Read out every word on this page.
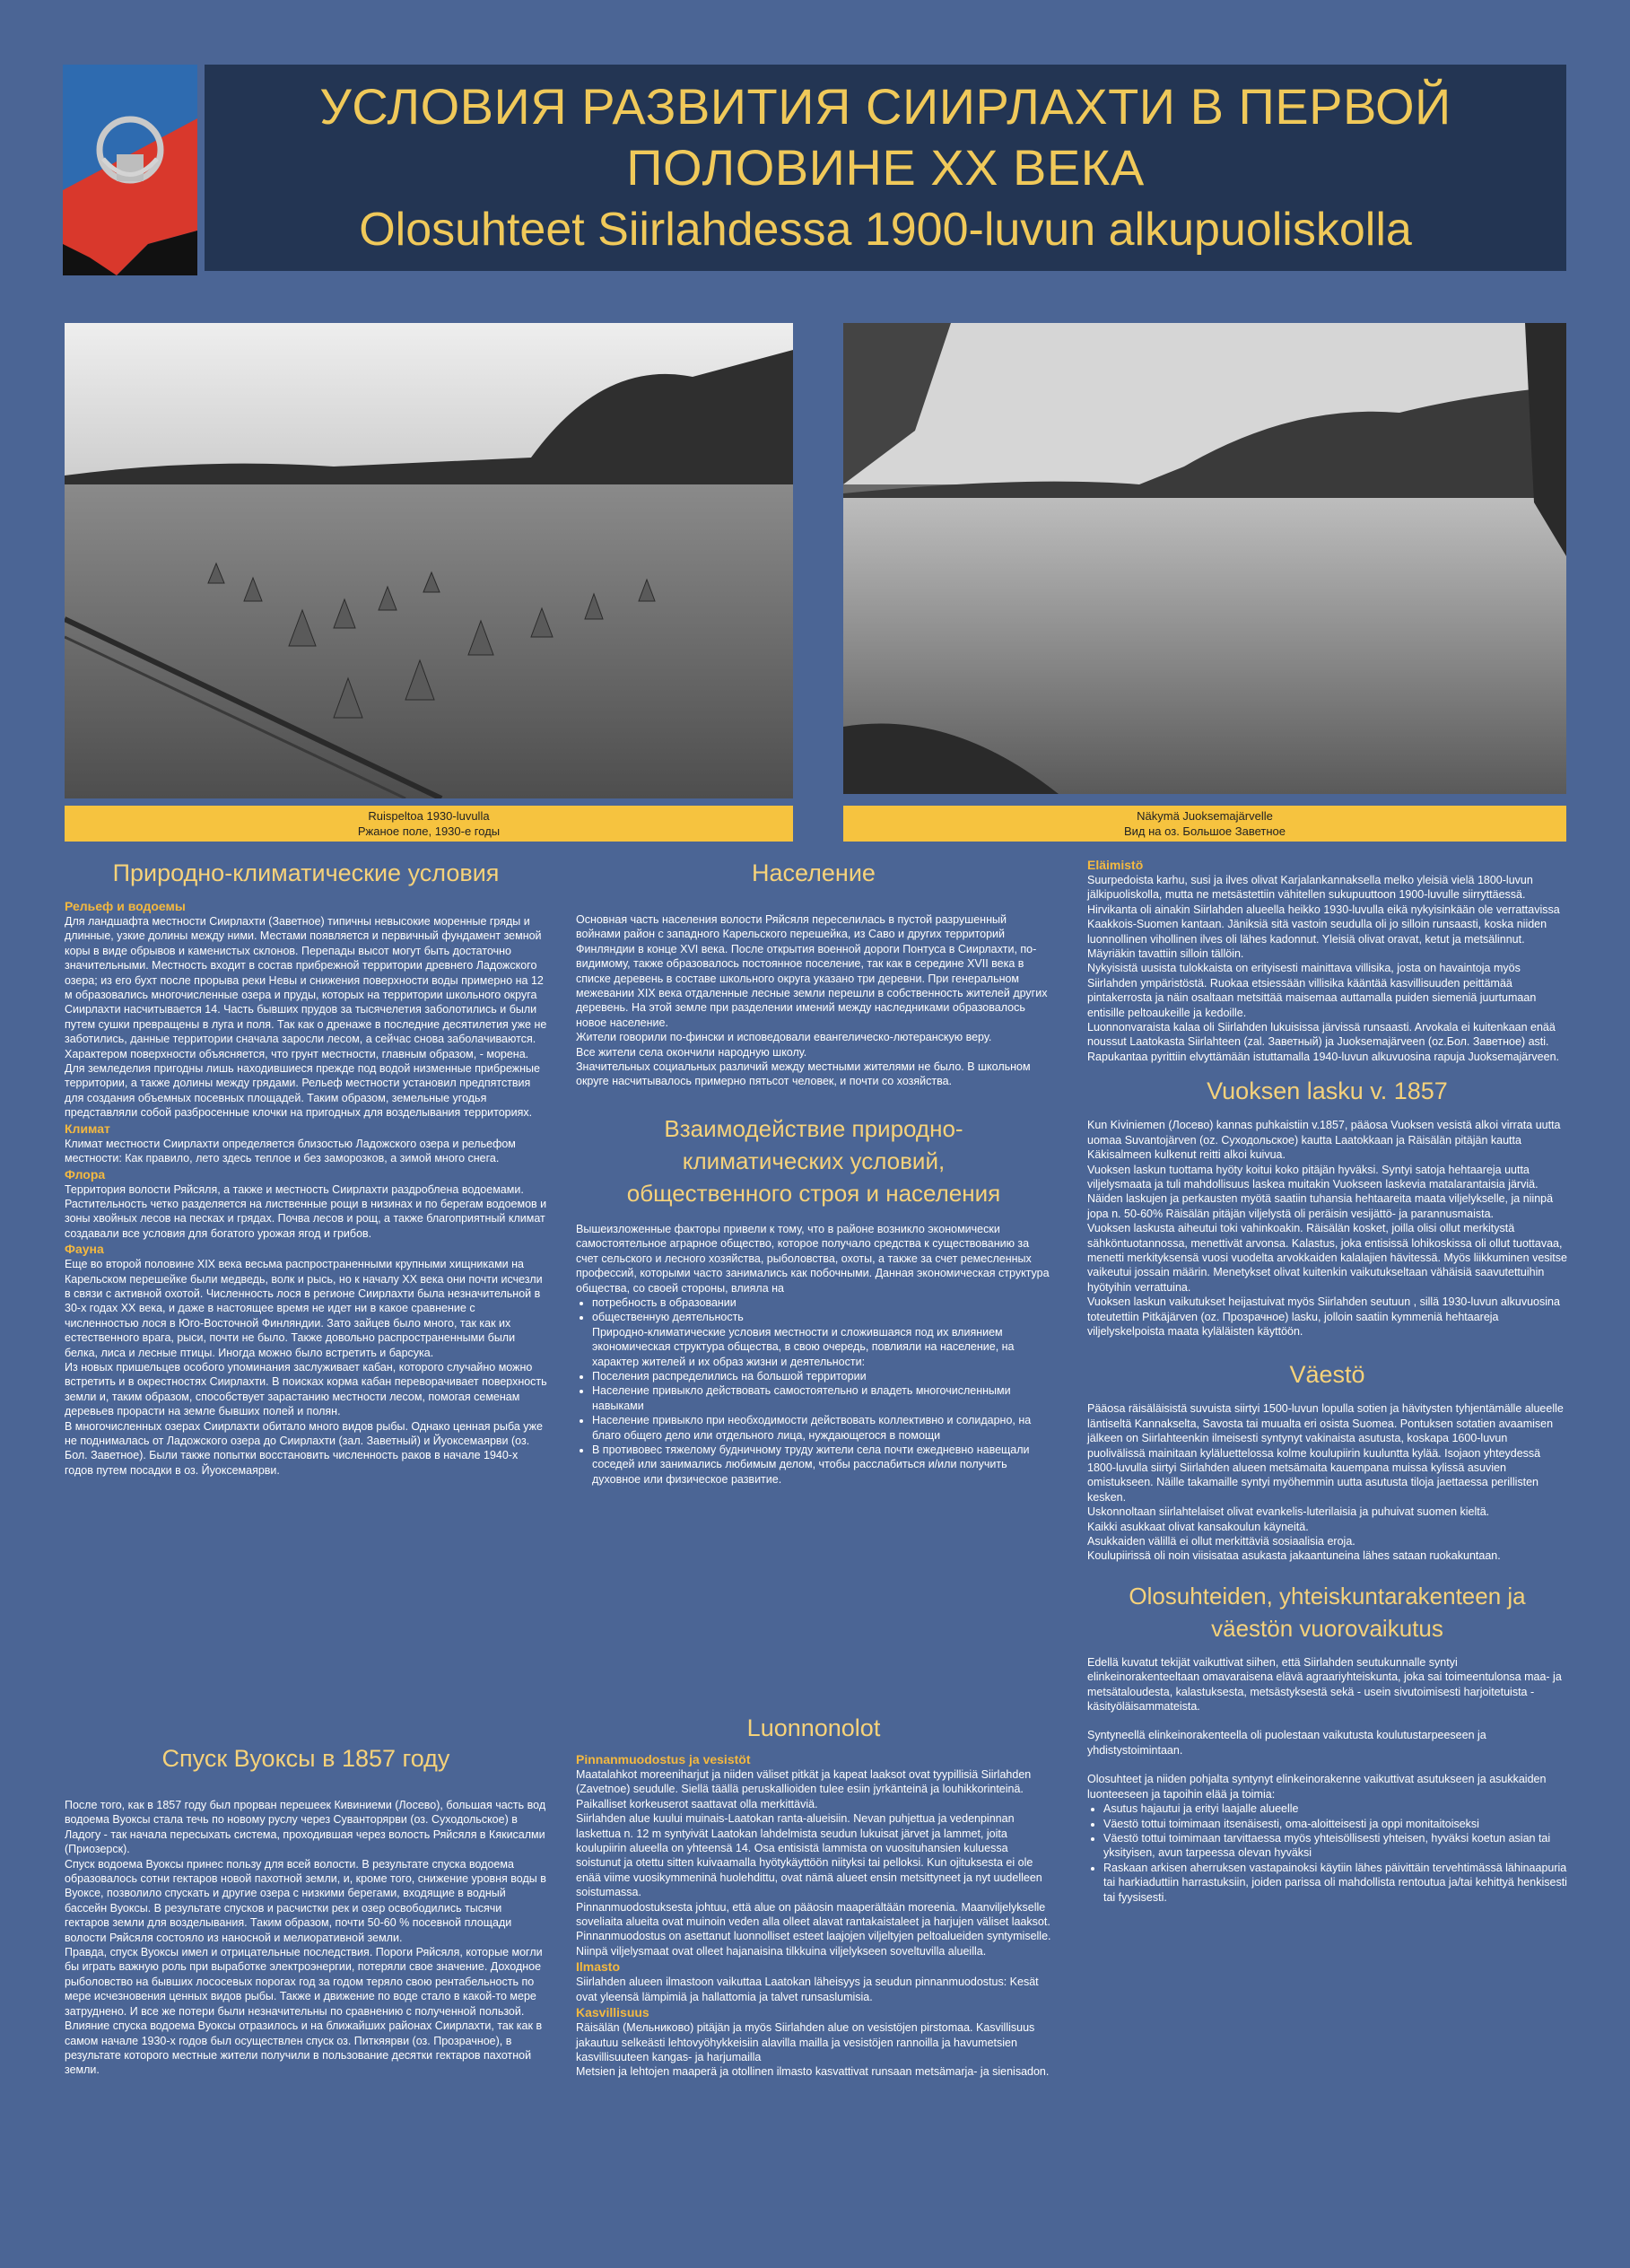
УСЛОВИЯ РАЗВИТИЯ СИИРЛАХТИ В ПЕРВОЙ
ПОЛОВИНЕ XX ВЕКА
Olosuhteet Siirlahdessa 1900-luvun alkupuoliskolla
Ruispeltoa 1930-luvulla
Ржаное поле, 1930-е годы
Näkymä Juoksemajärvelle
Вид на оз. Большое Заветное

Природно-климатические условия

Рельеф и водоемы

Для ландшафта местности Сиирлахти (Заветное) типичны невысокие моренные гряды и длинные, узкие долины между ними. Местами появляется и первичный фундамент земной коры в виде обрывов и каменистых склонов. Перепады высот могут быть достаточно значительными. Местность входит в состав прибрежной территории древнего Ладожского озера; из его бухт после прорыва реки Невы и снижения поверхности воды примерно на 12 м образовались многочисленные озера и пруды, которых на территории школьного округа Сиирлахти насчитывается 14. Часть бывших прудов за тысячелетия заболотились и были путем сушки превращены в луга и поля. Так как о дренаже в последние десятилетия уже не заботились, данные территории сначала заросли лесом, а сейчас снова заболачиваются.

Характером поверхности объясняется, что грунт местности, главным образом, - морена. Для земледелия пригодны лишь находившиеся прежде под водой низменные прибрежные территории, а также долины между грядами. Рельеф местности установил предпятствия для создания объемных посевных площадей. Таким образом, земельные угодья представляли собой разбросенные клочки на пригодных для возделывания территориях.

Климат

Климат местности Сиирлахти определяется близостью Ладожского озера и рельефом местности: Как правило, лето здесь теплое и без заморозков, а зимой много снега.

Флора

Территория волости Ряйсяля, а также и местность Сиирлахти раздроблена водоемами. Растительность четко разделяется на лиственные рощи в низинах и по берегам водоемов и зоны хвойных лесов на песках и грядах. Почва лесов и рощ, а также благоприятный климат создавали все условия для богатого урожая ягод и грибов.

Фауна

Еще во второй половине XIX века весьма распространенными крупными хищниками на Карельском перешейке были медведь, волк и рысь, но к началу XX века они почти исчезли в связи с активной охотой. Численность лося в регионе Сиирлахти была незначительной в 30-х годах XX века, и даже в настоящее время не идет ни в какое сравнение с численностью лося в Юго-Восточной Финляндии. Зато зайцев было много, так как их естественного врага, рыси, почти не было. Также довольно распространенными были белка, лиса и лесные птицы. Иногда можно было встретить и барсука.

Из новых пришельцев особого упоминания заслуживает кабан, которого случайно можно встретить и в окрестностях Сиирлахти. В поисках корма кабан переворачивает поверхность земли и, таким образом, способствует зарастанию местности лесом, помогая семенам деревьев прорасти на земле бывших полей и полян.

В многочисленных озерах Сиирлахти обитало много видов рыбы. Однако ценная рыба уже не поднималась от Ладожского озера до Сиирлахти (зал. Заветный) и Йуоксемаярви (оз. Бол. Заветное). Были также попытки восстановить численность раков в начале 1940-х годов путем посадки в оз. Йуоксемаярви.

Спуск Вуоксы в 1857 году

После того, как в 1857 году был прорван перешеек Кивиниеми (Лосево), большая часть вод водоема Вуоксы стала течь по новому руслу через Суванторярви (оз. Суходольское) в Ладогу - так начала пересыхать система, проходившая через волость Ряйсяля в Кякисалми (Приозерск).

Спуск водоема Вуоксы принес пользу для всей волости. В результате спуска водоема образовалось сотни гектаров новой пахотной земли, и, кроме того, снижение уровня воды в Вуоксе, позволило спускать и другие озера с низкими берегами, входящие в водный бассейн Вуоксы. В результате спусков и расчистки рек и озер освободились тысячи гектаров земли для возделывания. Таким образом, почти 50-60 % посевной площади волости Ряйсяля состояло из наносной и мелиоративной земли.

Правда, спуск Вуоксы имел и отрицательные последствия. Пороги Ряйсяля, которые могли бы играть важную роль при выработке электроэнергии, потеряли свое значение. Доходное рыболовство на бывших лососевых порогах год за годом теряло свою рентабельность по мере исчезновения ценных видов рыбы. Также и движение по воде стало в какой-то мере затруднено. И все же потери были незначительны по сравнению с полученной пользой.

Влияние спуска водоема Вуоксы отразилось и на ближайших районах Сиирлахти, так как в самом начале 1930-х годов был осуществлен спуск оз. Питкяярви (оз. Прозрачное), в результате которого местные жители получили в пользование десятки гектаров пахотной земли.

Население

Основная часть населения волости Ряйсяля переселилась в пустой разрушенный войнами район с западного Карельского перешейка, из Саво и других территорий Финляндии в конце XVI века. После открытия военной дороги Понтуса в Сиирлахти, по-видимому, также образовалось постоянное поселение, так как в середине XVII века в списке деревень в составе школьного округа указано три деревни. При генеральном межевании XIX века отдаленные лесные земли перешли в собственность жителей других деревень. На этой земле при разделении имений между наследниками образовалось новое население.

Жители говорили по-фински и исповедовали евангелическо-лютеранскую веру.

Все жители села окончили народную школу.

Значительных социальных различий между местными жителями не было. В школьном округе насчитывалось примерно пятьсот человек, и почти со хозяйства.

Взаимодействие природно-
климатических условий,
общественного строя и населения

Вышеизложенные факторы привели к тому, что в районе возникло экономически самостоятельное аграрное общество, которое получало средства к существованию за счет сельского и лесного хозяйства, рыболовства, охоты, а также за счет ремесленных профессий, которыми часто занимались как побочными. Данная экономическая структура общества, со своей стороны, влияла на

• потребность в образовании
• общественную деятельность

Природно-климатические условия местности и сложившаяся под их влиянием экономическая структура общества, в свою очередь, повлияли на население, на характер жителей и их образ жизни и деятельности:

• Поселения распределились на большой территории
• Население привыкло действовать самостоятельно и владеть многочисленными навыками
• Население привыкло при необходимости действовать коллективно и солидарно, на благо общего дело или отдельного лица, нуждающегося в помощи
• В противовес тяжелому будничному труду жители села почти ежедневно навещали соседей или занимались любимым делом, чтобы расслабиться и/или получить духовное или физическое развитие.

Luonnonolot

Pinnanmuodostus ja vesistöt

Maatalahkot moreeniharjut ja niiden väliset pitkät ja kapeat laaksot ovat tyypillisiä Siirlahden (Zavetnoe) seudulle. Siellä täällä peruskallioiden tulee esiin jyrkänteinä ja louhikkorinteinä. Paikalliset korkeuserot saattavat olla merkittäviä.

Siirlahden alue kuului muinais-Laatokan ranta-alueisiin. Nevan puhjettua ja vedenpinnan laskettua n. 12 m syntyivät Laatokan lahdelmista seudun lukuisat järvet ja lammet, joita koulupiirin alueella on yhteensä 14. Osa entisistä lammista on vuosituhansien kuluessa soistunut ja otettu sitten kuivaamalla hyötykäyttöön niityksi tai pelloksi. Kun ojituksesta ei ole enää viime vuosikymmeninä huolehdittu, ovat nämä alueet ensin metsittyneet ja nyt uudelleen soistumassa.

Pinnanmuodostuksesta johtuu, että alue on pääosin maaperältään moreenia. Maanviljelykselle soveliaita alueita ovat muinoin veden alla olleet alavat rantakaistaleet ja harjujen väliset laaksot. Pinnanmuodostus on asettanut luonnolliset esteet laajojen viljeltyjen peltoalueiden syntymiselle. Niinpä viljelysmaat ovat olleet hajanaisina tilkkuina viljelykseen soveltuvilla alueilla.

Ilmasto

Siirlahden alueen ilmastoon vaikuttaa Laatokan läheisyys ja seudun pinnanmuodostus: Kesät ovat yleensä lämpimiä ja hallattomia ja talvet runsaslumisia.

Kasvillisuus

Räisälän (Мельниково) pitäjän ja myös Siirlahden alue on vesistöjen pirstomaa. Kasvillisuus jakautuu selkeästi lehtovyöhykkeisiin alavilla mailla ja vesistöjen rannoilla ja havumetsien kasvillisuuteen kangas- ja harjumailla

Metsien ja lehtojen maaperä ja otollinen ilmasto kasvattivat runsaan metsämarja- ja sienisadon.

Eläimistö

Suurpedoista karhu, susi ja ilves olivat Karjalankannaksella melko yleisiä vielä 1800-luvun jälkipuoliskolla, mutta ne metsästettiin vähitellen sukupuuttoon 1900-luvulle siirryttäessä. Hirvikanta oli ainakin Siirlahden alueella heikko 1930-luvulla eikä nykyisinkään ole verrattavissa Kaakkois-Suomen kantaan. Jäniksiä sitä vastoin seudulla oli jo silloin runsaasti, koska niiden luonnollinen vihollinen ilves oli lähes kadonnut. Yleisiä olivat oravat, ketut ja metsälinnut. Mäyriäkin tavattiin silloin tällöin.

Nykyisistä uusista tulokkaista on erityisesti mainittava villisika, josta on havaintoja myös Siirlahden ympäristöstä. Ruokaa etsiessään villisika kääntää kasvillisuuden peittämää pintakerrosta ja näin osaltaan metsittää maisemaa auttamalla puiden siemeniä juurtumaan entisille peltoaukeille ja kedoille.

Luonnonvaraista kalaa oli Siirlahden lukuisissa järvissä runsaasti. Arvokala ei kuitenkaan enää noussut Laatokasta Siirlahteen (zal. Заветный) ja Juoksemajärveen (oz.Бол. Заветное) asti. Rapukantaa pyrittiin elvyttämään istuttamalla 1940-luvun alkuvuosina rapuja Juoksemajärveen.

Vuoksen lasku v. 1857

Kun Kiviniemen (Лосево) kannas puhkaistiin v.1857, pääosa Vuoksen vesistä alkoi virrata uutta uomaa Suvantojärven (oz. Суходольское) kautta Laatokkaan ja Räisälän pitäjän kautta Käkisalmeen kulkenut reitti alkoi kuivua.

Vuoksen laskun tuottama hyöty koitui koko pitäjän hyväksi. Syntyi satoja hehtaareja uutta viljelysmaata ja tuli mahdollisuus laskea muitakin Vuokseen laskevia matalarantaisia järviä. Näiden laskujen ja perkausten myötä saatiin tuhansia hehtaareita maata viljelykselle, ja niinpä jopa n. 50-60% Räisälän pitäjän viljelystä oli peräisin vesijättö- ja parannusmaista.

Vuoksen laskusta aiheutui toki vahinkoakin. Räisälän kosket, joilla olisi ollut merkitystä sähköntuotannossa, menettivät arvonsa. Kalastus, joka entisissä lohikoskissa oli ollut tuottavaa, menetti merkityksensä vuosi vuodelta arvokkaiden kalalajien hävitessä. Myös liikkuminen vesitse vaikeutui jossain määrin. Menetykset olivat kuitenkin vaikutukseltaan vähäisiä saavutettuihin hyötyihin verrattuina.

Vuoksen laskun vaikutukset heijastuivat myös Siirlahden seutuun , sillä 1930-luvun alkuvuosina toteutettiin Pitkäjärven (oz. Прозрачное) lasku, jolloin saatiin kymmeniä hehtaareja viljelyskelpoista maata kyläläisten käyttöön.

Väestö

Pääosa räisäläisistä suvuista siirtyi 1500-luvun lopulla sotien ja hävitysten tyhjentämälle alueelle läntiseltä Kannakselta, Savosta tai muualta eri osista Suomea. Pontuksen sotatien avaamisen jälkeen on Siirlahteenkin ilmeisesti syntynyt vakinaista asutusta, koskapa 1600-luvun puolivälissä mainitaan kyläluettelossa kolme koulupiirin kuuluntta kylää. Isojaon yhteydessä 1800-luvulla siirtyi Siirlahden alueen metsämaita kauempana muissa kylissä asuvien omistukseen. Näille takamaille syntyi myöhemmin uutta asutusta tiloja jaettaessa perillisten kesken.

Uskonnoltaan siirlahtelaiset olivat evankelis-luterilaisia ja puhuivat suomen kieltä.

Kaikki asukkaat olivat kansakoulun käyneitä.

Asukkaiden välillä ei ollut merkittäviä sosiaalisia eroja.

Koulupiirissä oli noin viisisataa asukasta jakaantuneina lähes sataan ruokakuntaan.

Olosuhteiden, yhteiskuntarakenteen ja
väestön vuorovaikutus

Edellä kuvatut tekijät vaikuttivat siihen, että Siirlahden seutukunnalle syntyi elinkeinorakenteeltaan omavaraisena elävä agraariyhteiskunta, joka sai toimeentulonsa maa- ja metsätaloudesta, kalastuksesta, metsästyksestä sekä - usein sivutoimisesti harjoitetuista - käsityöläisammateista.

Syntyneellä elinkeinorakenteella oli puolestaan vaikutusta koulutustarpeeseen ja yhdistystoimintaan.

Olosuhteet ja niiden pohjalta syntynyt elinkeinorakenne vaikuttivat asutukseen ja asukkaiden luonteeseen ja tapoihin elää ja toimia:

• Asutus hajautui ja erityi laajalle alueelle
• Väestö tottui toimimaan itsenäisesti, oma-aloitteisesti ja oppi monitaitoiseksi
• Väestö tottui toimimaan tarvittaessa myös yhteisöllisesti yhteisen, hyväksi koetun asian tai yksityisen, avun tarpeessa olevan hyväksi
• Raskaan arkisen aherruksen vastapainoksi käytiin lähes päivittäin tervehtimässä lähinaapuria tai harkiaduttiin harrastuksiin, joiden parissa oli mahdollista rentoutua ja/tai kehittyä henkisesti tai fyysisesti.
